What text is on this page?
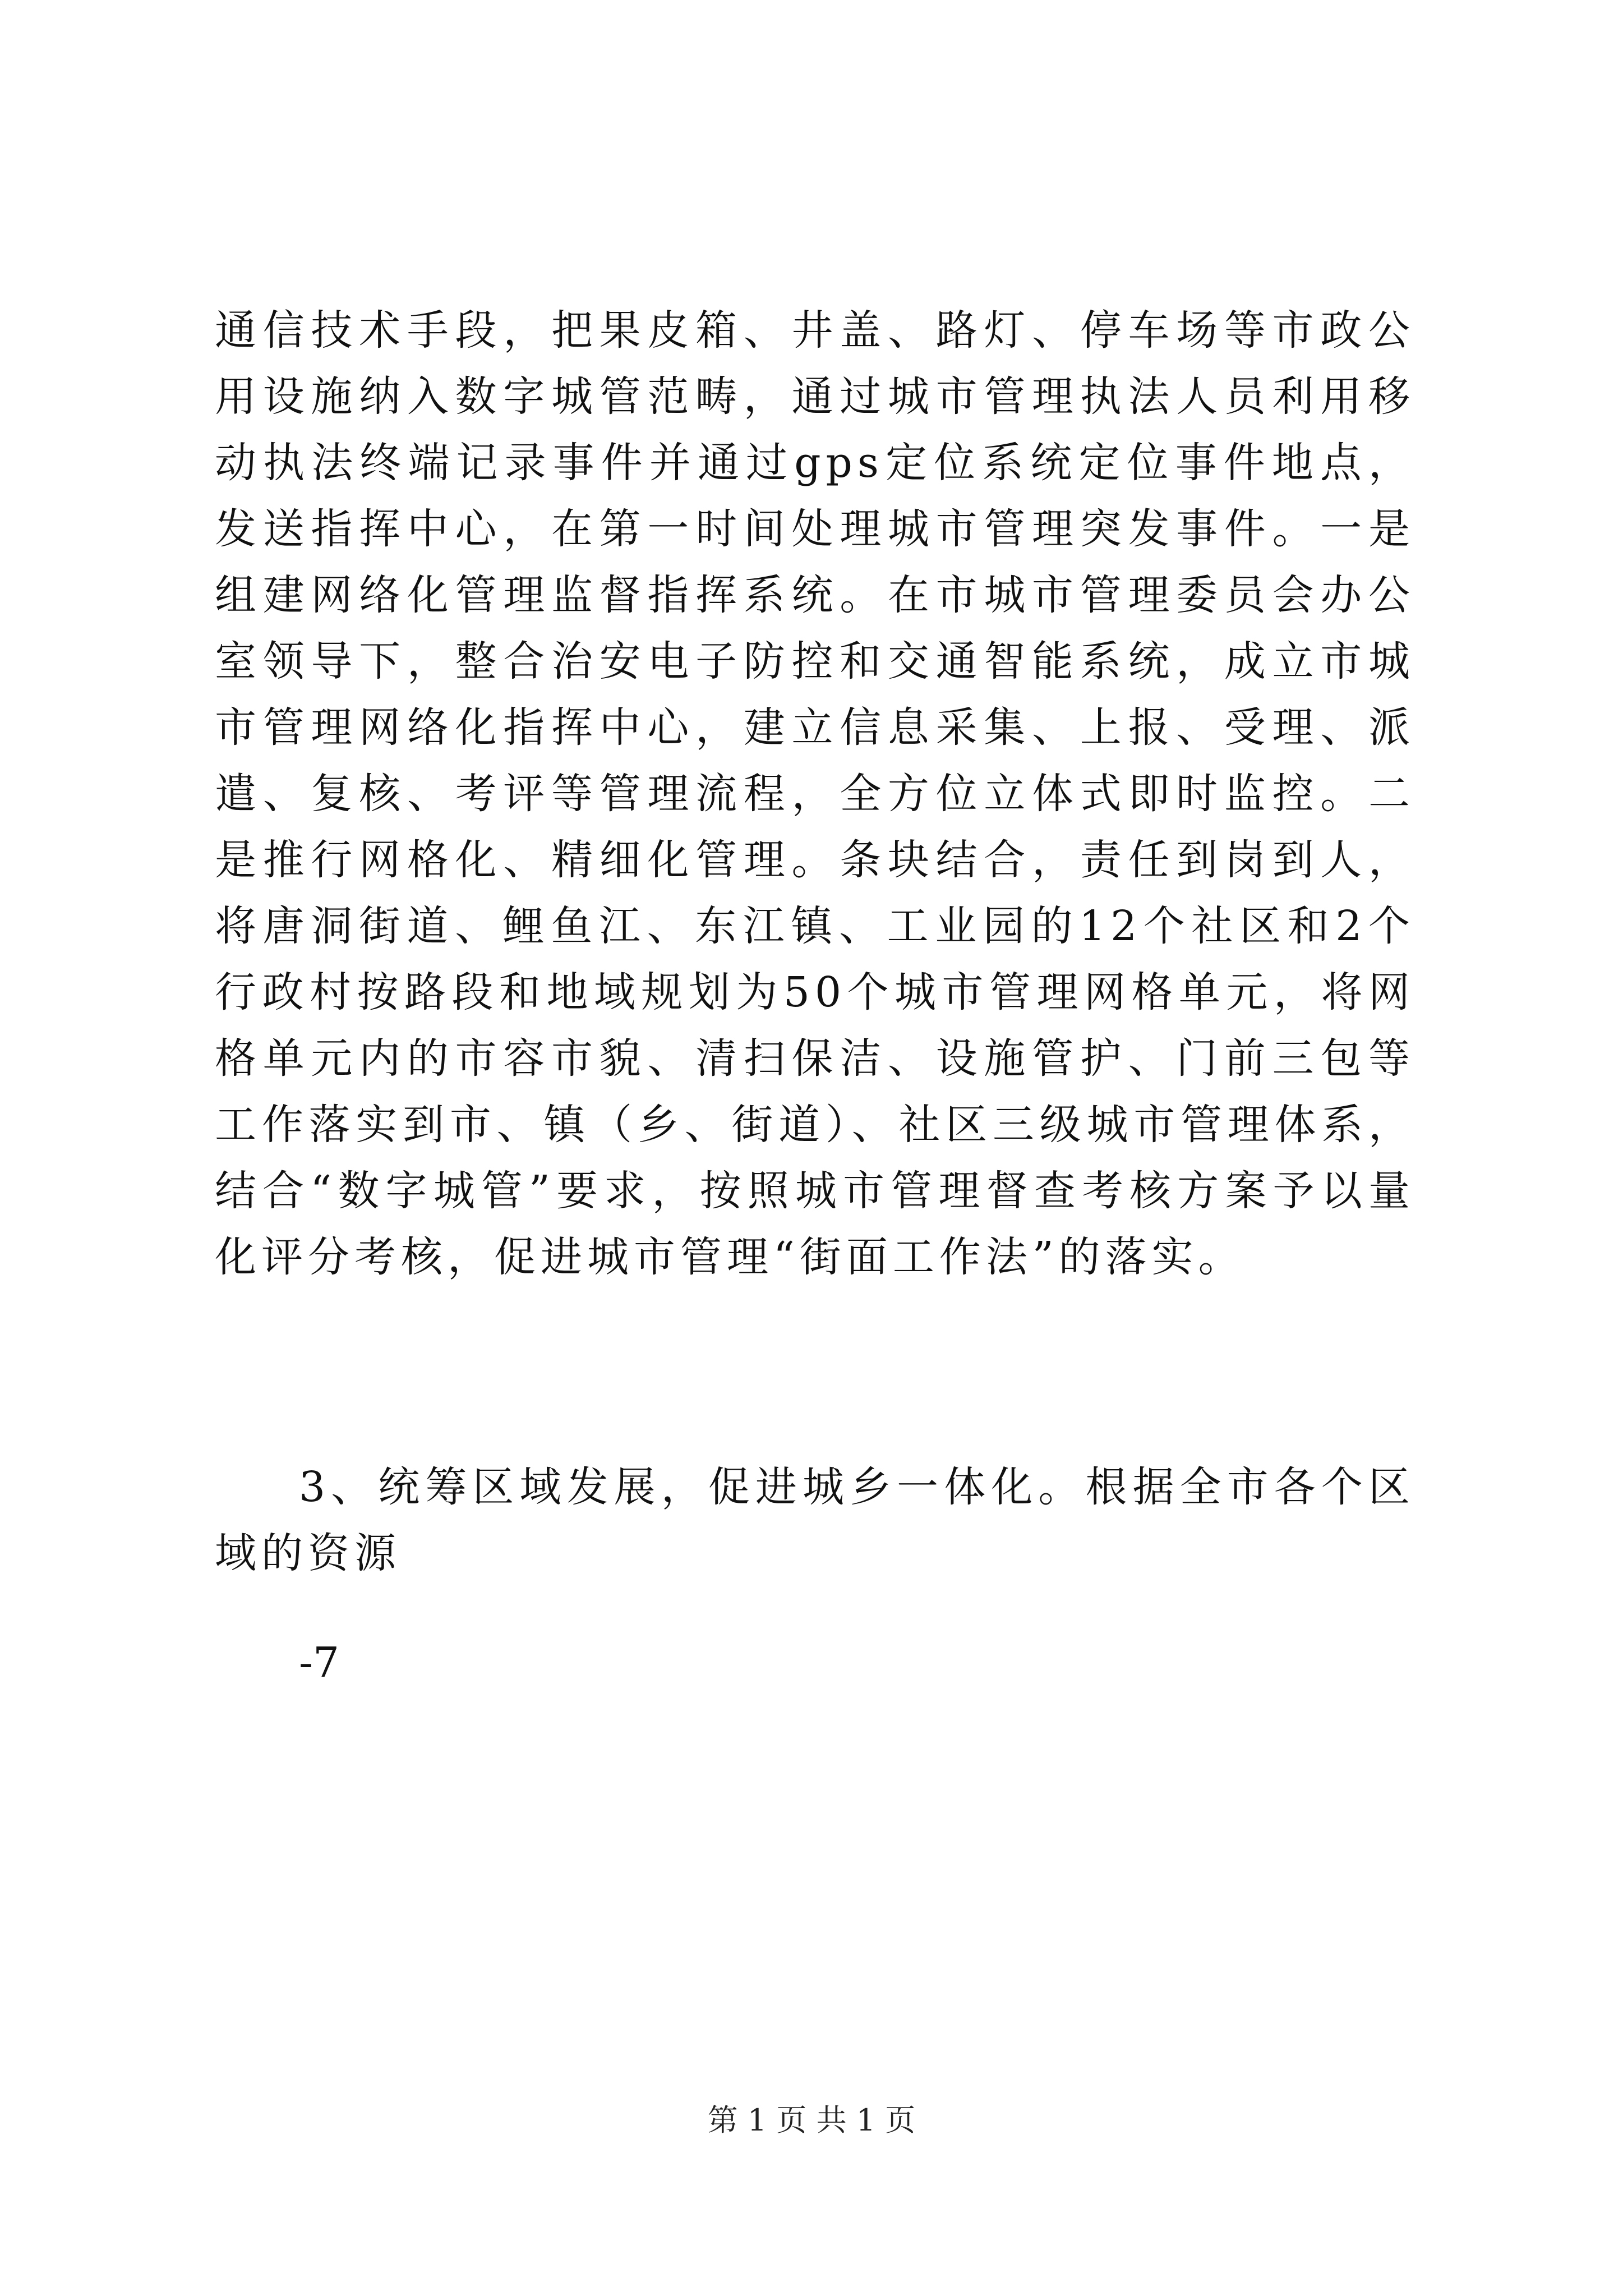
通信技术手段，把果皮箱、井盖、路灯、停车场等市政公用设施纳入数字城管范畴，通过城市管理执法人员利用移动执法终端记录事件并通过gps定位系统定位事件地点，发送指挥中心，在第一时间处理城市管理突发事件。一是组建网络化管理监督指挥系统。在市城市管理委员会办公室领导下，整合治安电子防控和交通智能系统，成立市城市管理网络化指挥中心，建立信息采集、上报、受理、派遣、复核、考评等管理流程，全方位立体式即时监控。二是推行网格化、精细化管理。条块结合，责任到岗到人，将唐洞街道、鲤鱼江、东江镇、工业园的12个社区和2个行政村按路段和地域规划为50个城市管理网格单元，将网格单元内的市容市貌、清扫保洁、设施管护、门前三包等工作落实到市、镇（乡、街道）、社区三级城市管理体系，结合“数字城管”要求，按照城市管理督查考核方案予以量化评分考核，促进城市管理“街面工作法”的落实。

3、统筹区域发展，促进城乡一体化。根据全市各个区域的资源

-7

第 1 页 共 1 页
